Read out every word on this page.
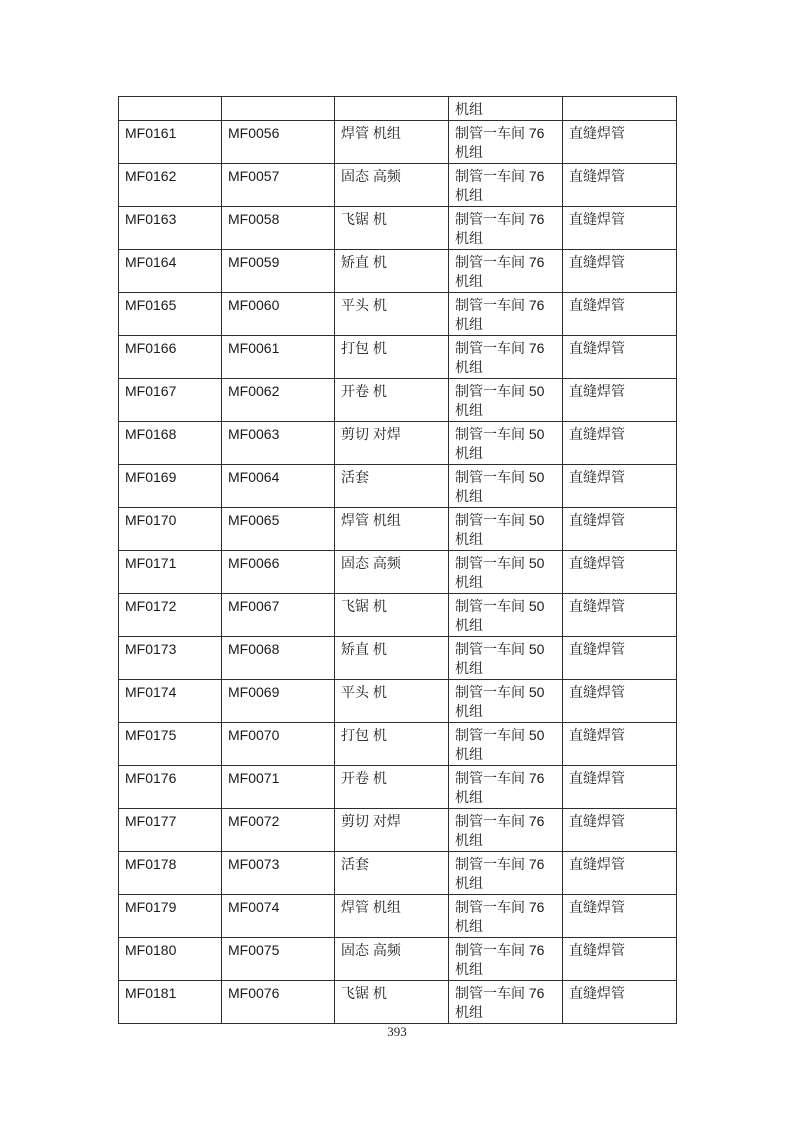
			机组	
MF0161	MF0056	焊管 机组	制管一车间 76 机组	直缝焊管
MF0162	MF0057	固态 高频	制管一车间 76 机组	直缝焊管
MF0163	MF0058	飞锯 机	制管一车间 76 机组	直缝焊管
MF0164	MF0059	矫直 机	制管一车间 76 机组	直缝焊管
MF0165	MF0060	平头 机	制管一车间 76 机组	直缝焊管
MF0166	MF0061	打包 机	制管一车间 76 机组	直缝焊管
MF0167	MF0062	开卷 机	制管一车间 50 机组	直缝焊管
MF0168	MF0063	剪切 对焊	制管一车间 50 机组	直缝焊管
MF0169	MF0064	活套	制管一车间 50 机组	直缝焊管
MF0170	MF0065	焊管 机组	制管一车间 50 机组	直缝焊管
MF0171	MF0066	固态 高频	制管一车间 50 机组	直缝焊管
MF0172	MF0067	飞锯 机	制管一车间 50 机组	直缝焊管
MF0173	MF0068	矫直 机	制管一车间 50 机组	直缝焊管
MF0174	MF0069	平头 机	制管一车间 50 机组	直缝焊管
MF0175	MF0070	打包 机	制管一车间 50 机组	直缝焊管
MF0176	MF0071	开卷 机	制管一车间 76 机组	直缝焊管
MF0177	MF0072	剪切 对焊	制管一车间 76 机组	直缝焊管
MF0178	MF0073	活套	制管一车间 76 机组	直缝焊管
MF0179	MF0074	焊管 机组	制管一车间 76 机组	直缝焊管
MF0180	MF0075	固态 高频	制管一车间 76 机组	直缝焊管
MF0181	MF0076	飞锯 机	制管一车间 76 机组	直缝焊管
393
